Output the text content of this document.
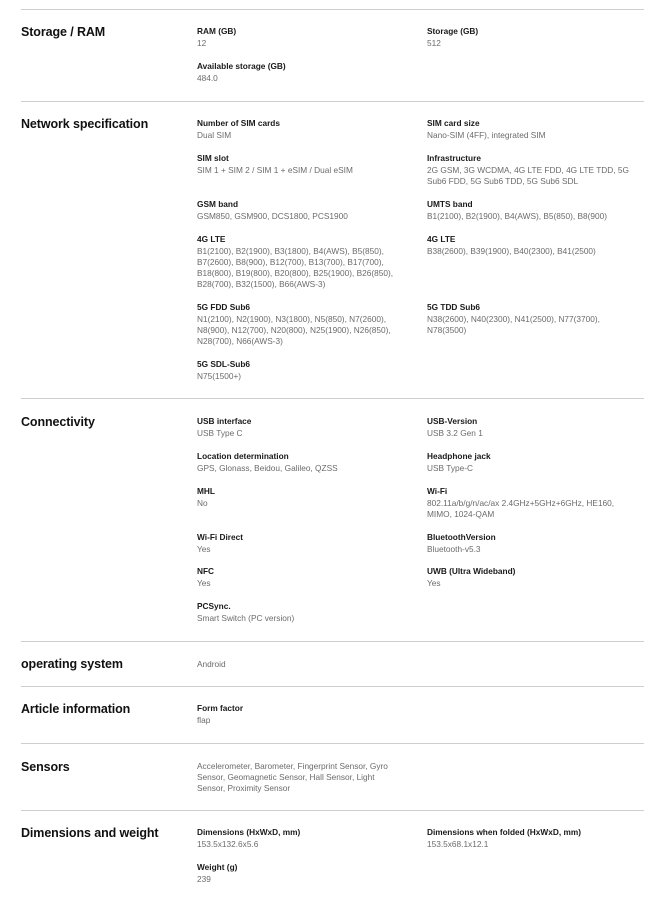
Storage / RAM	RAM (GB)
12
Storage (GB)
512
Available storage (GB)
484.0
Network specification	Number of SIM cards
Dual SIM
SIM card size
Nano-SIM (4FF), integrated SIM
SIM slot
SIM 1 + SIM 2 / SIM 1 + eSIM / Dual eSIM
Infrastructure
2G GSM, 3G WCDMA, 4G LTE FDD, 4G LTE TDD, 5G Sub6 FDD, 5G Sub6 TDD, 5G Sub6 SDL
GSM band
GSM850, GSM900, DCS1800, PCS1900
UMTS band
B1(2100), B2(1900), B4(AWS), B5(850), B8(900)
4G LTE
B1(2100), B2(1900), B3(1800), B4(AWS), B5(850), B7(2600), B8(900), B12(700), B13(700), B17(700), B18(800), B19(800), B20(800), B25(1900), B26(850), B28(700), B32(1500), B66(AWS-3)
4G LTE
B38(2600), B39(1900), B40(2300), B41(2500)
5G FDD Sub6
N1(2100), N2(1900), N3(1800), N5(850), N7(2600), N8(900), N12(700), N20(800), N25(1900), N26(850), N28(700), N66(AWS-3)
5G TDD Sub6
N38(2600), N40(2300), N41(2500), N77(3700), N78(3500)
5G SDL-Sub6
N75(1500+)
Connectivity	USB interface
USB Type C
USB-Version
USB 3.2 Gen 1
Location determination
GPS, Glonass, Beidou, Galileo, QZSS
Headphone jack
USB Type-C
MHL
No
Wi-Fi
802.11a/b/g/n/ac/ax 2.4GHz+5GHz+6GHz, HE160, MIMO, 1024-QAM
Wi-Fi Direct
Yes
BluetoothVersion
Bluetooth-v5.3
NFC
Yes
UWB (Ultra Wideband)
Yes
PCSync.
Smart Switch (PC version)
operating system	Android
Article information	Form factor
flap
Sensors	Accelerometer, Barometer, Fingerprint Sensor, Gyro Sensor, Geomagnetic Sensor, Hall Sensor, Light Sensor, Proximity Sensor
Dimensions and weight	Dimensions (HxWxD, mm)
153.5x132.6x5.6
Dimensions when folded (HxWxD, mm)
153.5x68.1x12.1
Weight (g)
239
